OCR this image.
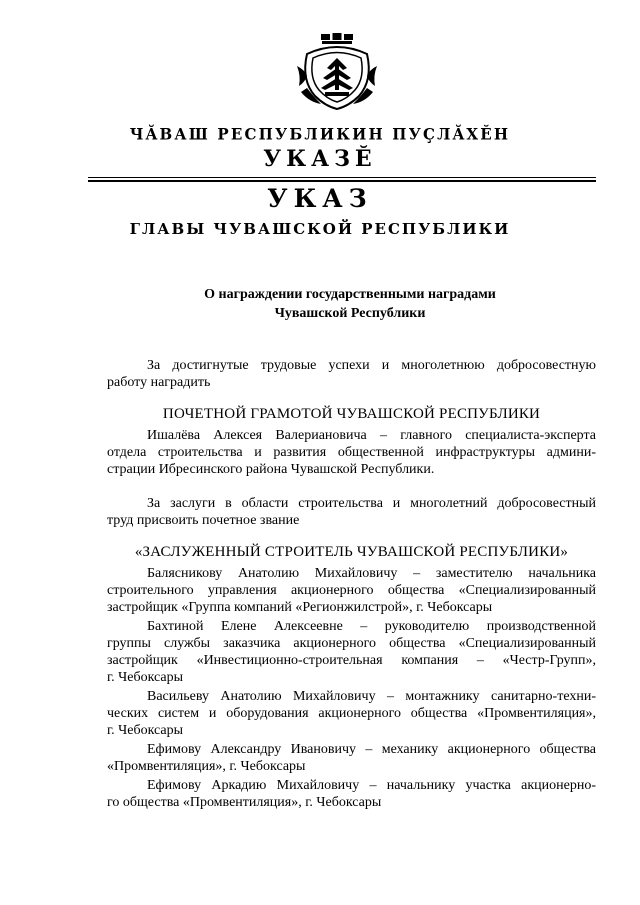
ЧĂВАШ РЕСПУБЛИКИН ПУҪЛĂХĔН
УКАЗĔ
УКАЗ
ГЛАВЫ ЧУВАШСКОЙ РЕСПУБЛИКИ
О награждении государственными наградами
Чувашской Республики
За достигнутые трудовые успехи и многолетнюю добросовестную
работу наградить
ПОЧЕТНОЙ ГРАМОТОЙ ЧУВАШСКОЙ РЕСПУБЛИКИ
Ишалёва Алексея Валериановича – главного специалиста-эксперта
отдела строительства и развития общественной инфраструктуры админи-
страции Ибресинского района Чувашской Республики.
За заслуги в области строительства и многолетний добросовестный
труд присвоить почетное звание
«ЗАСЛУЖЕННЫЙ СТРОИТЕЛЬ ЧУВАШСКОЙ РЕСПУБЛИКИ»
Балясникову Анатолию Михайловичу – заместителю начальника
строительного управления акционерного общества «Специализированный
застройщик «Группа компаний «Регионжилстрой», г. Чебоксары
Бахтиной Елене Алексеевне – руководителю производственной
группы службы заказчика акционерного общества «Специализированный
застройщик «Инвестиционно-строительная компания – «Честр-Групп»,
г. Чебоксары
Васильеву Анатолию Михайловичу – монтажнику санитарно-техни-
ческих систем и оборудования акционерного общества «Промвентиляция»,
г. Чебоксары
Ефимову Александру Ивановичу – механику акционерного общества
«Промвентиляция», г. Чебоксары
Ефимову Аркадию Михайловичу – начальнику участка акционерно-
го общества «Промвентиляция», г. Чебоксары
